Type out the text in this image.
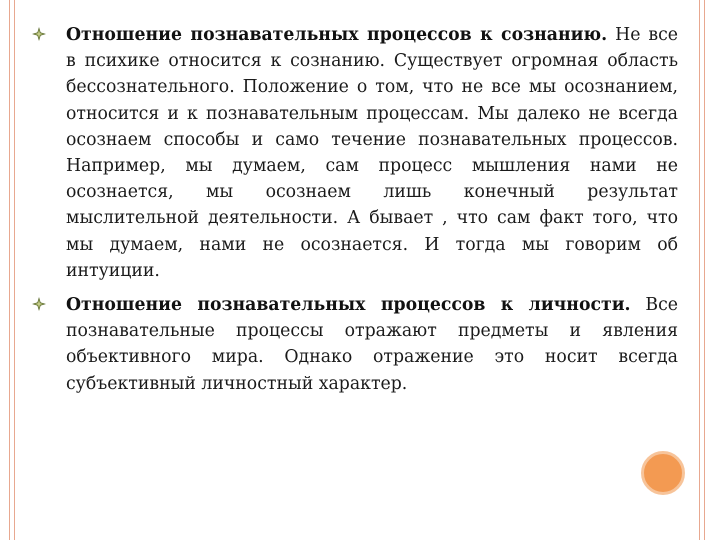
Отношение познавательных процессов к сознанию. Не все в психике относится к сознанию. Существует огромная область бессознательного. Положение о том, что не все мы осознанием, относится и к познавательным процессам. Мы далеко не всегда осознаем способы и само течение познавательных процессов. Например, мы думаем, сам процесс мышления нами не осознается, мы осознаем лишь конечный результат мыслительной деятельности. А бывает , что сам факт того, что мы думаем, нами не осознается. И тогда мы говорим об интуиции.

Отношение познавательных процессов к личности. Все познавательные процессы отражают предметы и явления объективного мира. Однако отражение это носит всегда субъективный личностный характер.
